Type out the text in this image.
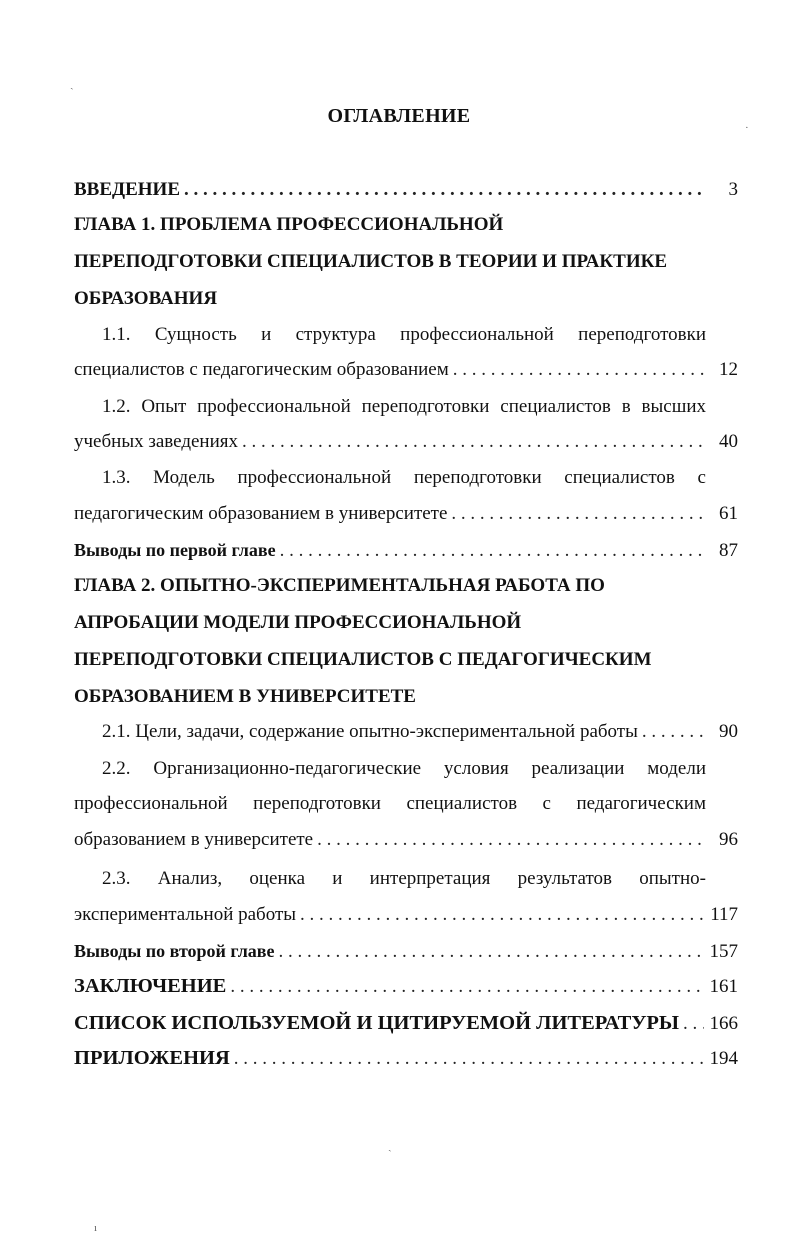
ОГЛАВЛЕНИЕ
ВВЕДЕНИЕ . . .	3
ГЛАВА 1. ПРОБЛЕМА ПРОФЕССИОНАЛЬНОЙ
ПЕРЕПОДГОТОВКИ СПЕЦИАЛИСТОВ В ТЕОРИИ И ПРАКТИКЕ
ОБРАЗОВАНИЯ
1.1. Сущность и структура профессиональной переподготовки
специалистов с педагогическим образованием . . .	12
1.2. Опыт профессиональной переподготовки специалистов в высших
учебных заведениях . . .	40
1.3. Модель профессиональной переподготовки специалистов с
педагогическим образованием в университете . . .	61
Выводы по первой главе . . .	87
ГЛАВА 2. ОПЫТНО-ЭКСПЕРИМЕНТАЛЬНАЯ РАБОТА ПО
АПРОБАЦИИ МОДЕЛИ ПРОФЕССИОНАЛЬНОЙ
ПЕРЕПОДГОТОВКИ СПЕЦИАЛИСТОВ С ПЕДАГОГИЧЕСКИМ
ОБРАЗОВАНИЕМ В УНИВЕРСИТЕТЕ
2.1. Цели, задачи, содержание опытно-экспериментальной работы . . .	90
2.2. Организационно-педагогические условия реализации модели
профессиональной переподготовки специалистов с педагогическим
образованием в университете . . .	96
2.3. Анализ, оценка и интерпретация результатов опытно-
экспериментальной работы . . .	117
Выводы по второй главе . . .	157
ЗАКЛЮЧЕНИЕ . . .	161
СПИСОК ИСПОЛЬЗУЕМОЙ И ЦИТИРУЕМОЙ ЛИТЕРАТУРЫ . . . 166
ПРИЛОЖЕНИЯ . . .	194
ˏ
·
ˏ
ı
